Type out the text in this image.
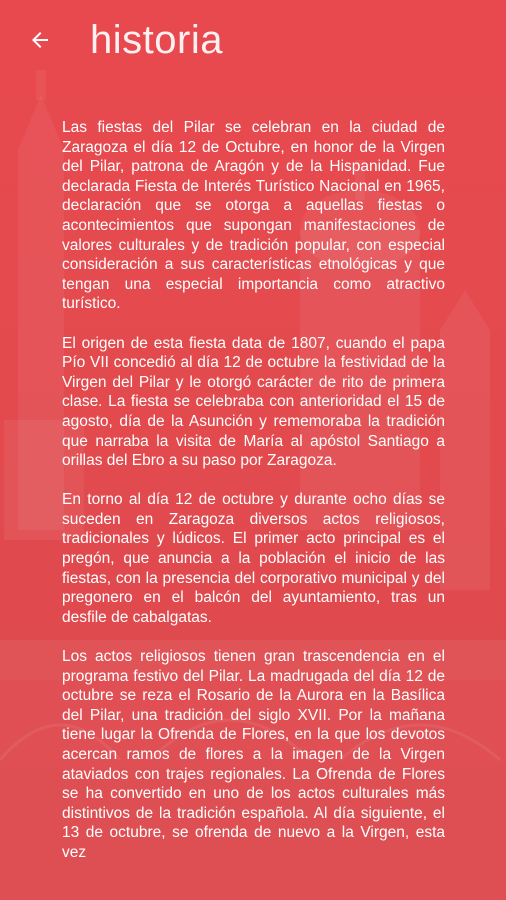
historia

Las fiestas del Pilar se celebran en la ciudad de Zaragoza el día 12 de Octubre, en honor de la Virgen del Pilar, patrona de Aragón y de la Hispanidad. Fue declarada Fiesta de Interés Turístico Nacional en 1965, declaración que se otorga a aquellas fiestas o acontecimientos que supongan manifestaciones de valores culturales y de tradición popular, con especial consideración a sus características etnológicas y que tengan una especial importancia como atractivo turístico.

El origen de esta fiesta data de 1807, cuando el papa Pío VII concedió al día 12 de octubre la festividad de la Virgen del Pilar y le otorgó carácter de rito de primera clase. La fiesta se celebraba con anterioridad el 15 de agosto, día de la Asunción y rememoraba la tradición que narraba la visita de María al apóstol Santiago a orillas del Ebro a su paso por Zaragoza.

En torno al día 12 de octubre y durante ocho días se suceden en Zaragoza diversos actos religiosos, tradicionales y lúdicos. El primer acto principal es el pregón, que anuncia a la población el inicio de las fiestas, con la presencia del corporativo municipal y del pregonero en el balcón del ayuntamiento, tras un desfile de cabalgatas.

Los actos religiosos tienen gran trascendencia en el programa festivo del Pilar. La madrugada del día 12 de octubre se reza el Rosario de la Aurora en la Basílica del Pilar, una tradición del siglo XVII. Por la mañana tiene lugar la Ofrenda de Flores, en la que los devotos acercan ramos de flores a la imagen de la Virgen ataviados con trajes regionales. La Ofrenda de Flores se ha convertido en uno de los actos culturales más distintivos de la tradición española. Al día siguiente, el 13 de octubre, se ofrenda de nuevo a la Virgen, esta vez
